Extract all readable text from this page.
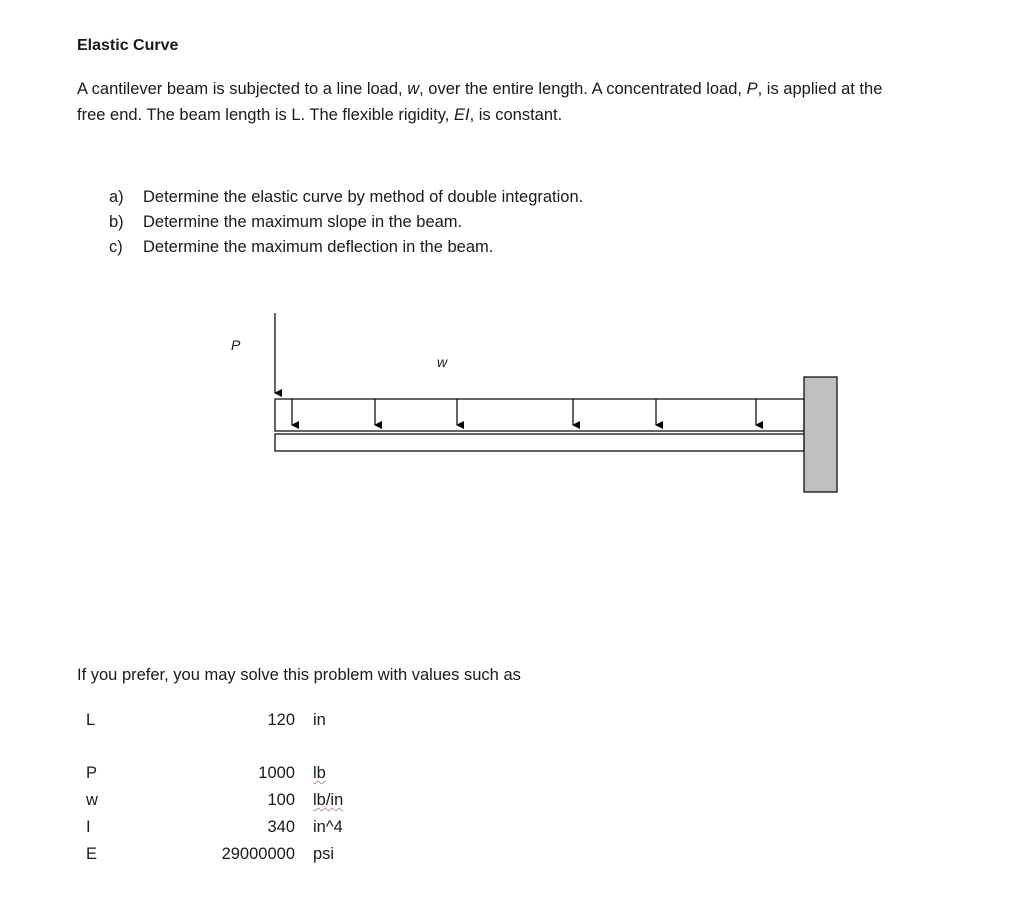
Elastic Curve

A cantilever beam is subjected to a line load, w, over the entire length. A concentrated load, P, is applied at the free end. The beam length is L. The flexible rigidity, EI, is constant.

a) Determine the elastic curve by method of double integration.
b) Determine the maximum slope in the beam.
c) Determine the maximum deflection in the beam.
P
w

If you prefer, you may solve this problem with values such as

L	120 in
P	1000 lb
w	100 lb/in
I	340 in^4
E	29000000 psi
